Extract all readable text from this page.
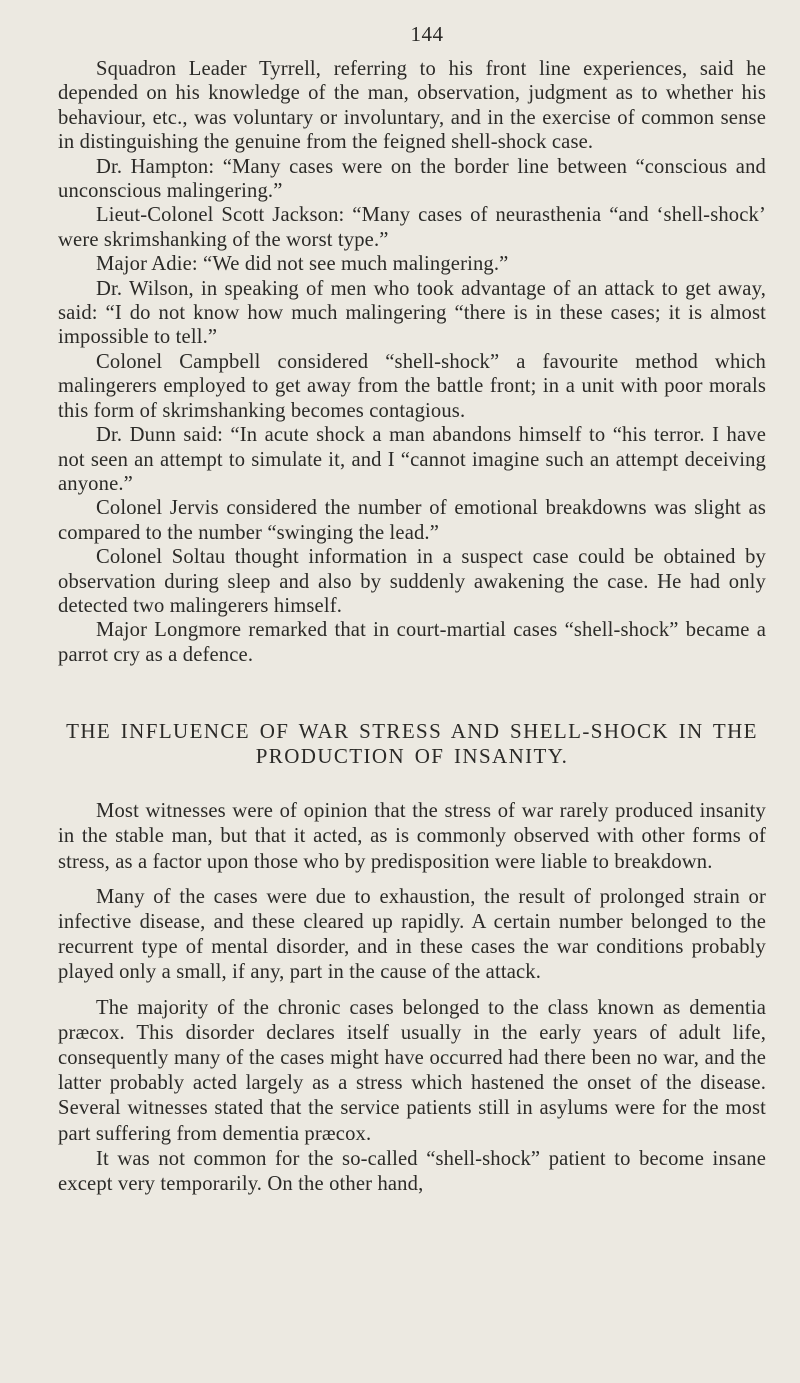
144

Squadron Leader Tyrrell, referring to his front line experiences, said he depended on his knowledge of the man, observation, judgment as to whether his behaviour, etc., was voluntary or involuntary, and in the exercise of common sense in distinguishing the genuine from the feigned shell-shock case.

Dr. Hampton: “Many cases were on the border line between “conscious and unconscious malingering.”

Lieut-Colonel Scott Jackson: “Many cases of neurasthenia “and ‘shell-shock’ were skrimshanking of the worst type.”

Major Adie: “We did not see much malingering.”

Dr. Wilson, in speaking of men who took advantage of an attack to get away, said: “I do not know how much malingering “there is in these cases; it is almost impossible to tell.”

Colonel Campbell considered “shell-shock” a favourite method which malingerers employed to get away from the battle front; in a unit with poor morals this form of skrimshanking becomes contagious.

Dr. Dunn said: “In acute shock a man abandons himself to “his terror. I have not seen an attempt to simulate it, and I “cannot imagine such an attempt deceiving anyone.”

Colonel Jervis considered the number of emotional breakdowns was slight as compared to the number “swinging the lead.”

Colonel Soltau thought information in a suspect case could be obtained by observation during sleep and also by suddenly awakening the case. He had only detected two malingerers himself.

Major Longmore remarked that in court-martial cases “shell-shock” became a parrot cry as a defence.

THE INFLUENCE OF WAR STRESS AND SHELL-SHOCK IN THE PRODUCTION OF INSANITY.

Most witnesses were of opinion that the stress of war rarely produced insanity in the stable man, but that it acted, as is commonly observed with other forms of stress, as a factor upon those who by predisposition were liable to breakdown.

Many of the cases were due to exhaustion, the result of prolonged strain or infective disease, and these cleared up rapidly. A certain number belonged to the recurrent type of mental disorder, and in these cases the war conditions probably played only a small, if any, part in the cause of the attack.

The majority of the chronic cases belonged to the class known as dementia præcox. This disorder declares itself usually in the early years of adult life, consequently many of the cases might have occurred had there been no war, and the latter probably acted largely as a stress which hastened the onset of the disease. Several witnesses stated that the service patients still in asylums were for the most part suffering from dementia præcox.

It was not common for the so-called “shell-shock” patient to become insane except very temporarily. On the other hand,
